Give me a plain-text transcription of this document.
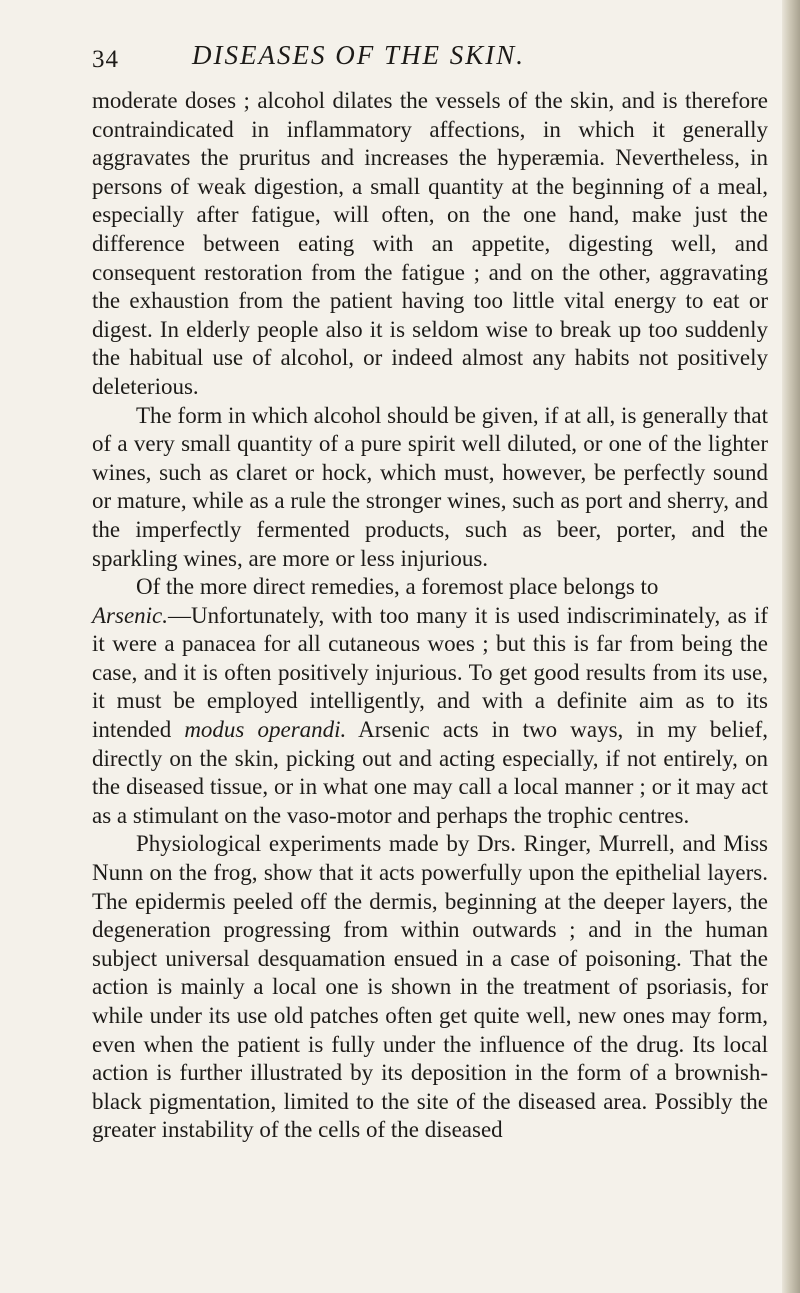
34	DISEASES OF THE SKIN.

moderate doses ; alcohol dilates the vessels of the skin, and is therefore contraindicated in inflammatory affections, in which it generally aggravates the pruritus and increases the hyperæmia. Nevertheless, in persons of weak digestion, a small quantity at the beginning of a meal, especially after fatigue, will often, on the one hand, make just the difference between eating with an appetite, digesting well, and consequent restoration from the fatigue ; and on the other, aggravating the exhaustion from the patient having too little vital energy to eat or digest. In elderly people also it is seldom wise to break up too suddenly the habitual use of alcohol, or indeed almost any habits not positively deleterious.

The form in which alcohol should be given, if at all, is generally that of a very small quantity of a pure spirit well diluted, or one of the lighter wines, such as claret or hock, which must, however, be perfectly sound or mature, while as a rule the stronger wines, such as port and sherry, and the imperfectly fermented products, such as beer, porter, and the sparkling wines, are more or less injurious.

Of the more direct remedies, a foremost place belongs to

Arsenic.—Unfortunately, with too many it is used indiscriminately, as if it were a panacea for all cutaneous woes ; but this is far from being the case, and it is often positively injurious. To get good results from its use, it must be employed intelligently, and with a definite aim as to its intended modus operandi. Arsenic acts in two ways, in my belief, directly on the skin, picking out and acting especially, if not entirely, on the diseased tissue, or in what one may call a local manner ; or it may act as a stimulant on the vaso-motor and perhaps the trophic centres.

Physiological experiments made by Drs. Ringer, Murrell, and Miss Nunn on the frog, show that it acts powerfully upon the epithelial layers. The epidermis peeled off the dermis, beginning at the deeper layers, the degeneration progressing from within outwards ; and in the human subject universal desquamation ensued in a case of poisoning. That the action is mainly a local one is shown in the treatment of psoriasis, for while under its use old patches often get quite well, new ones may form, even when the patient is fully under the influence of the drug. Its local action is further illustrated by its deposition in the form of a brownish-black pigmentation, limited to the site of the diseased area. Possibly the greater instability of the cells of the diseased
